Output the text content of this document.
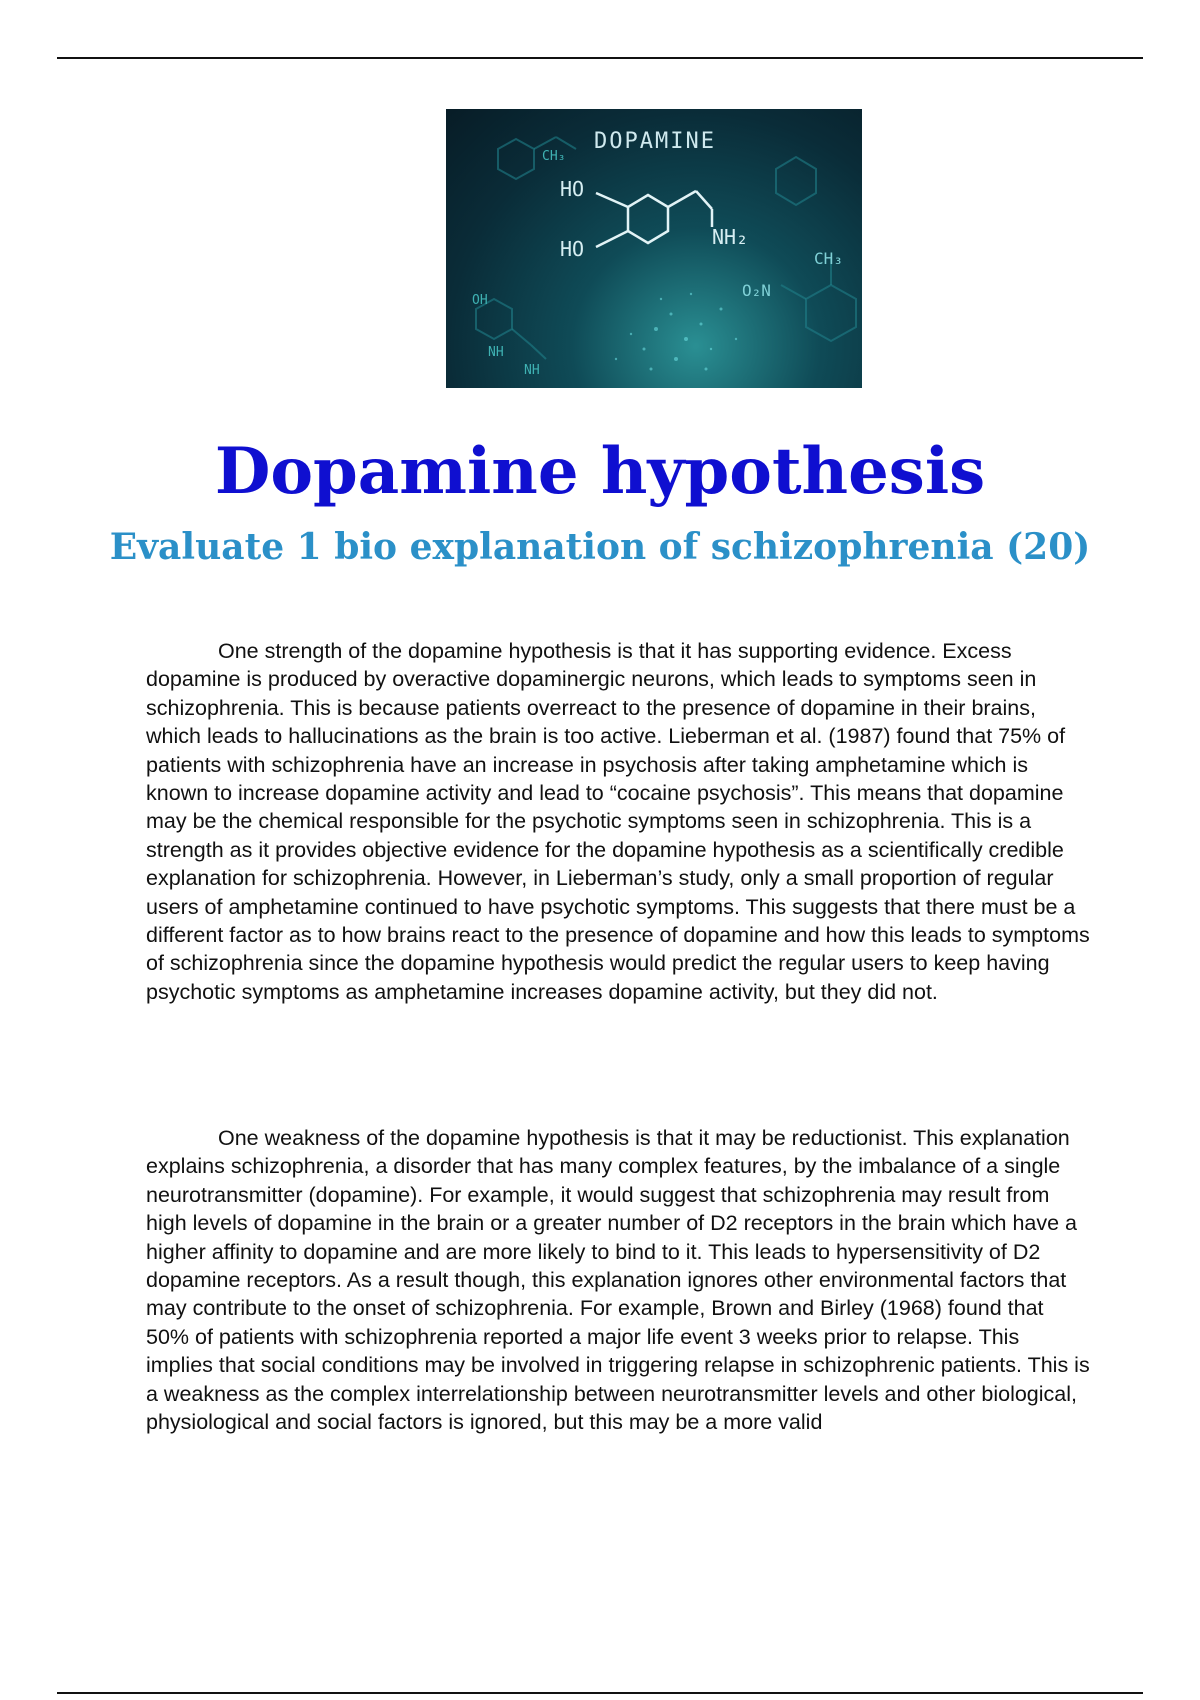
DOPAMINE
HO
HO	NH₂
CH₃
O₂N
OH
NH
NH
CH₃
Dopamine hypothesis
Evaluate 1 bio explanation of schizophrenia (20)

One strength of the dopamine hypothesis is that it has supporting evidence. Excess dopamine is produced by overactive dopaminergic neurons, which leads to symptoms seen in schizophrenia. This is because patients overreact to the presence of dopamine in their brains, which leads to hallucinations as the brain is too active. Lieberman et al. (1987) found that 75% of patients with schizophrenia have an increase in psychosis after taking amphetamine which is known to increase dopamine activity and lead to “cocaine psychosis”. This means that dopamine may be the chemical responsible for the psychotic symptoms seen in schizophrenia. This is a strength as it provides objective evidence for the dopamine hypothesis as a scientifically credible explanation for schizophrenia. However, in Lieberman’s study, only a small proportion of regular users of amphetamine continued to have psychotic symptoms. This suggests that there must be a different factor as to how brains react to the presence of dopamine and how this leads to symptoms of schizophrenia since the dopamine hypothesis would predict the regular users to keep having psychotic symptoms as amphetamine increases dopamine activity, but they did not.

One weakness of the dopamine hypothesis is that it may be reductionist. This explanation explains schizophrenia, a disorder that has many complex features, by the imbalance of a single neurotransmitter (dopamine). For example, it would suggest that schizophrenia may result from high levels of dopamine in the brain or a greater number of D2 receptors in the brain which have a higher affinity to dopamine and are more likely to bind to it. This leads to hypersensitivity of D2 dopamine receptors. As a result though, this explanation ignores other environmental factors that may contribute to the onset of schizophrenia. For example, Brown and Birley (1968) found that 50% of patients with schizophrenia reported a major life event 3 weeks prior to relapse. This implies that social conditions may be involved in triggering relapse in schizophrenic patients. This is a weakness as the complex interrelationship between neurotransmitter levels and other biological, physiological and social factors is ignored, but this may be a more valid
